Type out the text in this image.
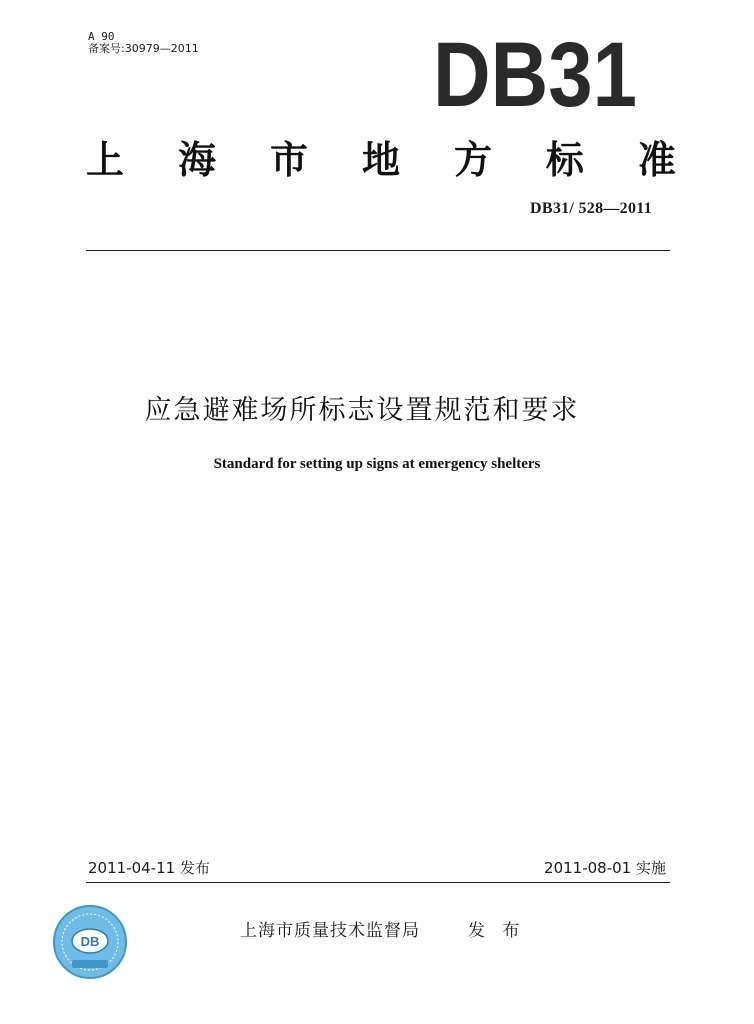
A 90
备案号:30979—2011	DB31
上 海 市 地 方 标 准
DB31/ 528—2011
应急避难场所标志设置规范和要求
Standard for setting up signs at emergency shelters
2011-04-11 发布	2011-08-01 实施
DB
上海市质量技术监督局	发 布
